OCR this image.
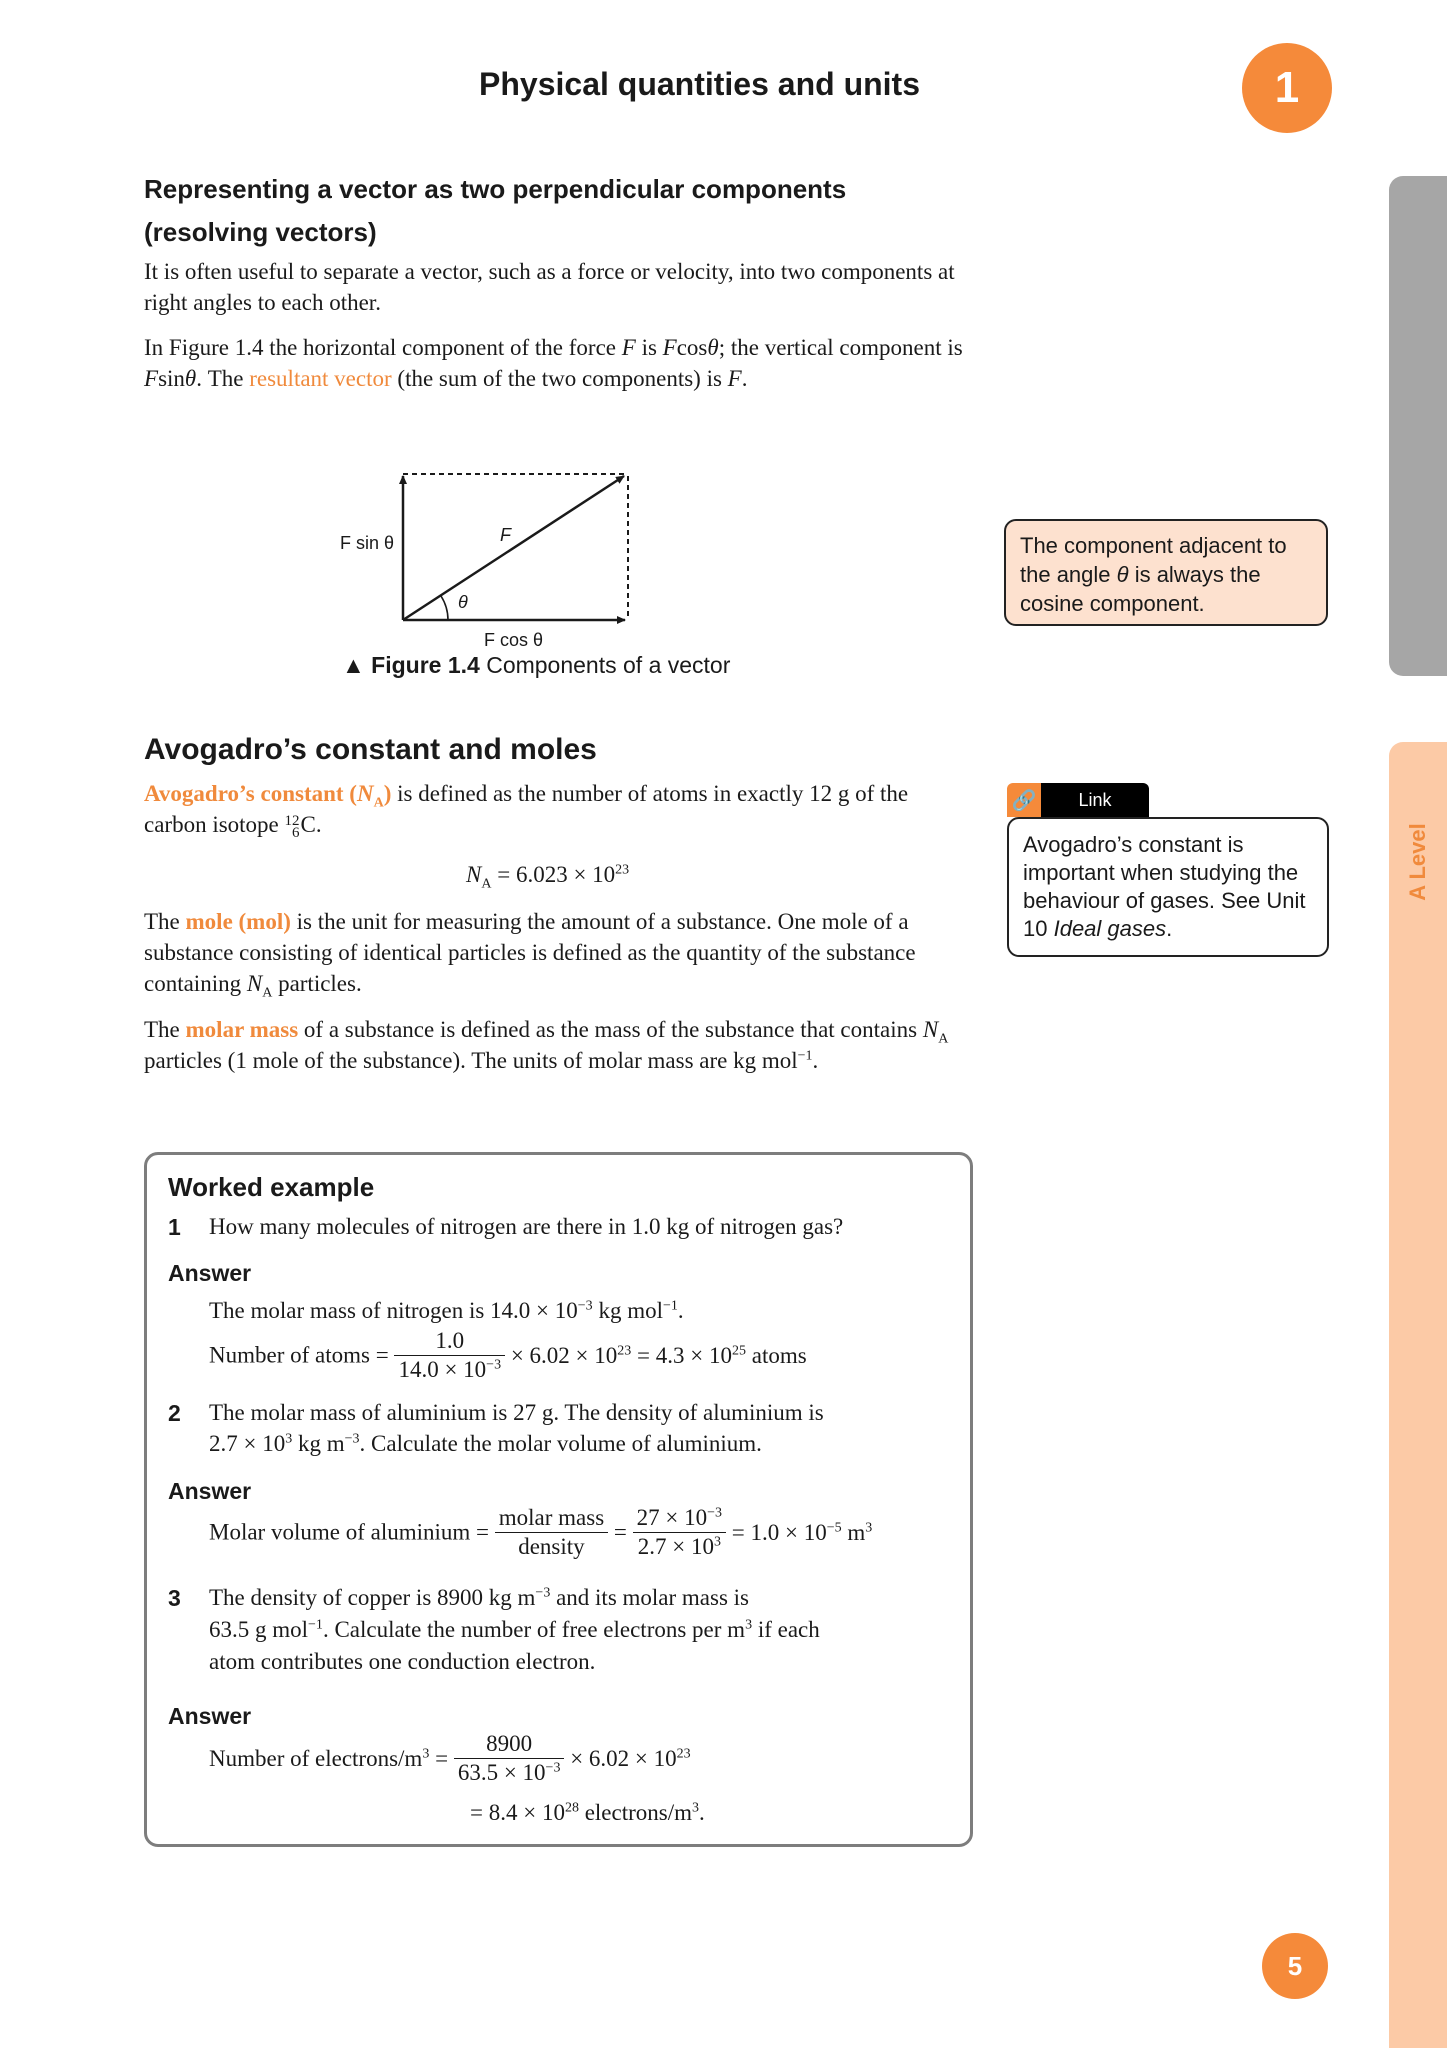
Physical quantities and units	1
A Level
Representing a vector as two perpendicular components
(resolving vectors)

It is often useful to separate a vector, such as a force or velocity, into two components at right angles to each other.

In Figure 1.4 the horizontal component of the force F is Fcosθ; the vertical component is Fsinθ. The resultant vector (the sum of the two components) is F.

F sin θ	F
θ
F cos θ
▲ Figure 1.4 Components of a vector
The component adjacent to the angle θ is always the cosine component.
Avogadro’s constant and moles

Avogadro’s constant $(N_A)$ is defined as the number of atoms in exactly 12 g of the carbon isotope 12
6 C.

$N_A = 6.023 \times 10^{23}$

The mole (mol) is the unit for measuring the amount of a substance. One mole of a substance consisting of identical particles is defined as the quantity of the substance containing $N_A$ particles.

The molar mass of a substance is defined as the mass of the substance that contains $N_A$ particles (1 mole of the substance). The units of molar mass are kg mol$^{-1}$.

🔗	Link
Avogadro’s constant is important when studying the behaviour of gases. See Unit 10 Ideal gases.
Worked example
1 How many molecules of nitrogen are there in 1.0 kg of nitrogen gas?
Answer
The molar mass of nitrogen is $14.0 \times 10^{-3}$ kg mol$^{-1}$.
Number of atoms = $\frac{1.0}{14.0 \times 10^{-3}} \times 6.02 \times 10^{23} = 4.3 \times 10^{25}$ atoms
2 The molar mass of aluminium is 27 g. The density of aluminium is
$2.7 \times 10^3$ kg $m^{-3}$. Calculate the molar volume of aluminium.
Answer
Molar volume of aluminium = $\frac{\text{molar mass}}{\text{density}} = \frac{27 \times 10^{-3}}{2.7 \times 10^3} = 1.0 \times 10^{-5}$ $m^3$
3 The density of copper is 8900 kg $m^{-3}$ and its molar mass is
63.5 g mol$^{-1}$. Calculate the number of free electrons per $m^3$ if each
atom contributes one conduction electron.
Answer
Number of electrons/$m^3 = \frac{8900}{63.5 \times 10^{-3}} \times 6.02 \times 10^{23}$
= $8.4 \times 10^{28}$ electrons/$m^3$.
5
